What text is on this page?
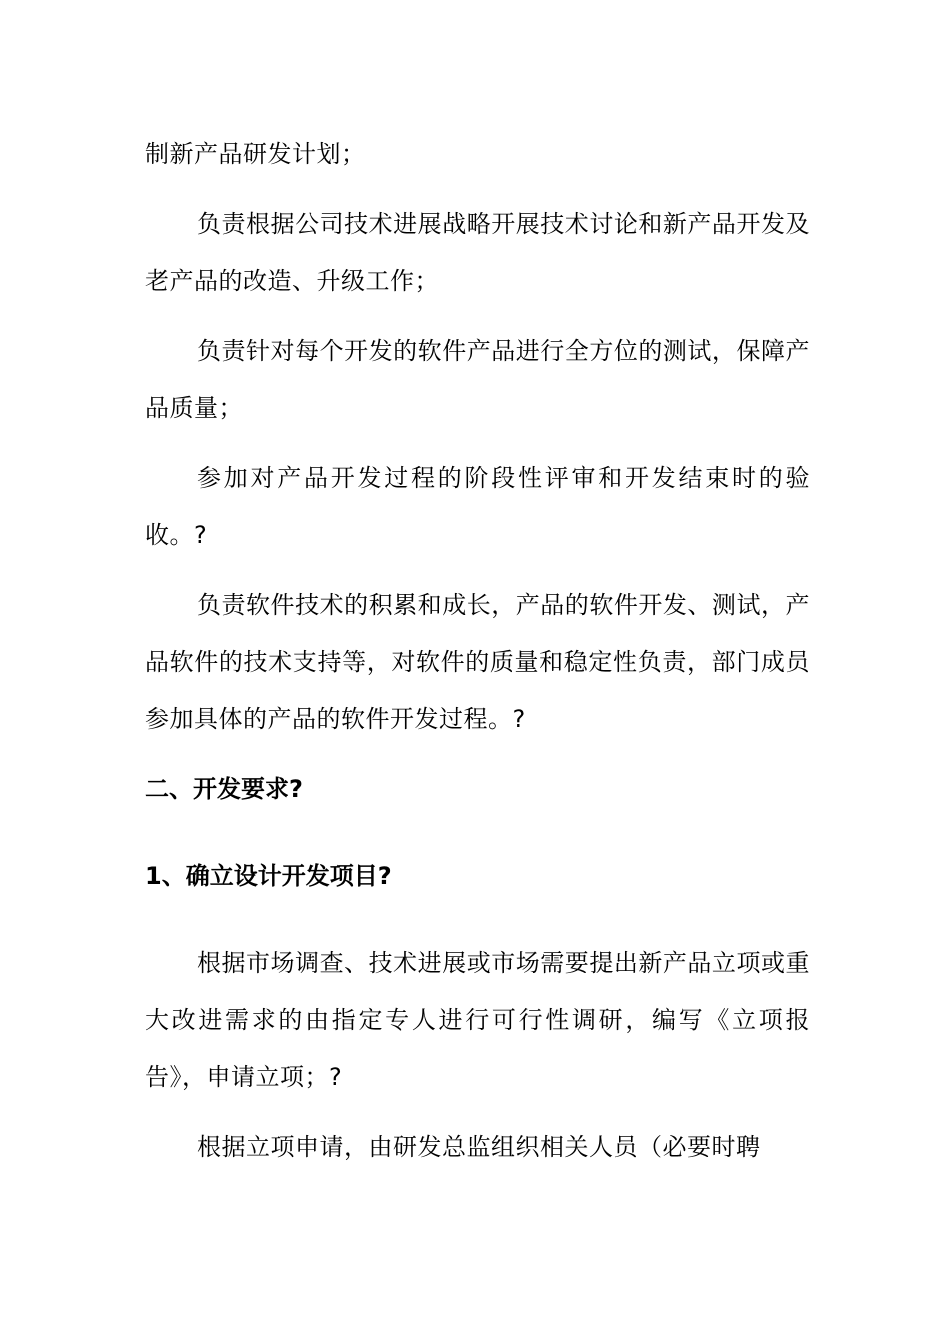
制新产品研发计划；

负责根据公司技术进展战略开展技术讨论和新产品开发及老产品的改造、升级工作；

负责针对每个开发的软件产品进行全方位的测试，保障产品质量；

参加对产品开发过程的阶段性评审和开发结束时的验收。?

负责软件技术的积累和成长，产品的软件开发、测试，产品软件的技术支持等，对软件的质量和稳定性负责，部门成员参加具体的产品的软件开发过程。?

二、开发要求?
1、确立设计开发项目?

根据市场调查、技术进展或市场需要提出新产品立项或重大改进需求的由指定专人进行可行性调研，编写《立项报告》，申请立项；?

根据立项申请，由研发总监组织相关人员（必要时聘
